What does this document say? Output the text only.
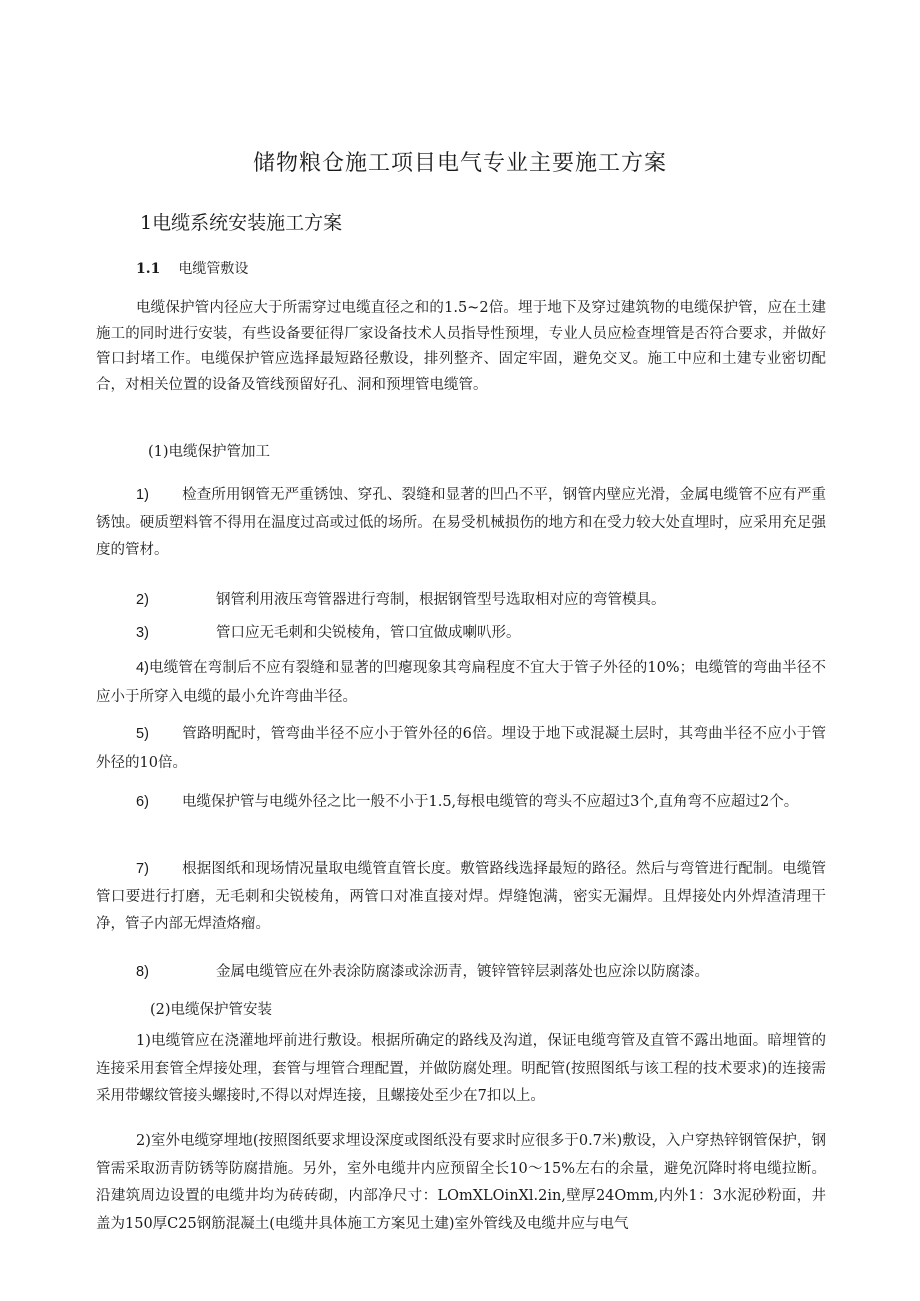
储物粮仓施工项目电气专业主要施工方案
1电缆系统安装施工方案
1.1 电缆管敷设
电缆保护管内径应大于所需穿过电缆直径之和的1.5~2倍。埋于地下及穿过建筑物的电缆保护管，应在土建施工的同时进行安装，有些设备要征得厂家设备技术人员指导性预埋，专业人员应检查埋管是否符合要求，并做好管口封堵工作。电缆保护管应选择最短路径敷设，排列整齐、固定牢固，避免交叉。施工中应和土建专业密切配合，对相关位置的设备及管线预留好孔、洞和预埋管电缆管。
(1)电缆保护管加工
1) 检查所用钢管无严重锈蚀、穿孔、裂缝和显著的凹凸不平，钢管内壁应光滑，金属电缆管不应有严重锈蚀。硬质塑料管不得用在温度过高或过低的场所。在易受机械损伤的地方和在受力较大处直埋时，应采用充足强度的管材。
2)	钢管利用液压弯管器进行弯制，根据钢管型号选取相对应的弯管模具。
3)	管口应无毛刺和尖锐棱角，管口宜做成喇叭形。
4)电缆管在弯制后不应有裂缝和显著的凹瘪现象其弯扁程度不宜大于管子外径的10%；电缆管的弯曲半径不应小于所穿入电缆的最小允许弯曲半径。
5) 管路明配时，管弯曲半径不应小于管外径的6倍。埋设于地下或混凝土层时，其弯曲半径不应小于管外径的10倍。
6) 电缆保护管与电缆外径之比一般不小于1.5,每根电缆管的弯头不应超过3个,直角弯不应超过2个。
7) 根据图纸和现场情况量取电缆管直管长度。敷管路线选择最短的路径。然后与弯管进行配制。电缆管管口要进行打磨，无毛刺和尖锐棱角，两管口对准直接对焊。焊缝饱满，密实无漏焊。且焊接处内外焊渣清理干净，管子内部无焊渣烙瘤。
8)	金属电缆管应在外表涂防腐漆或涂沥青，镀锌管锌层剥落处也应涂以防腐漆。
(2)电缆保护管安装
1)电缆管应在浇灌地坪前进行敷设。根据所确定的路线及沟道，保证电缆弯管及直管不露出地面。暗埋管的连接采用套管全焊接处理，套管与埋管合理配置，并做防腐处理。明配管(按照图纸与该工程的技术要求)的连接需采用带螺纹管接头螺接时,不得以对焊连接，且螺接处至少在7扣以上。
2)室外电缆穿埋地(按照图纸要求埋设深度或图纸没有要求时应很多于0.7米)敷设，入户穿热锌钢管保护，钢管需采取沥青防锈等防腐措施。另外，室外电缆井内应预留全长10～15%左右的余量，避免沉降时将电缆拉断。沿建筑周边设置的电缆井均为砖砖砌，内部净尺寸：LOmXLOinXl.2in,壁厚24Omm,内外1：3水泥砂粉面，井盖为150厚C25钢筋混凝土(电缆井具体施工方案见土建)室外管线及电缆井应与电气
